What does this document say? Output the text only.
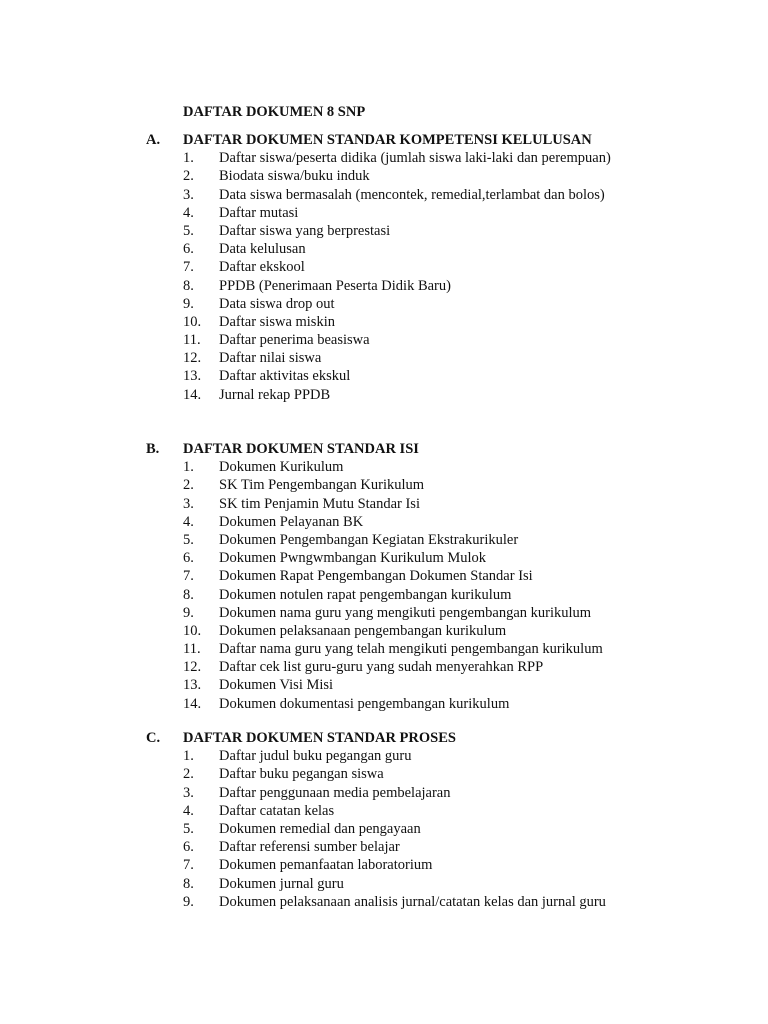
DAFTAR DOKUMEN 8 SNP
A. DAFTAR DOKUMEN STANDAR KOMPETENSI KELULUSAN
1. Daftar siswa/peserta didika (jumlah siswa laki-laki dan perempuan)
2. Biodata siswa/buku induk
3. Data siswa bermasalah (mencontek, remedial,terlambat dan bolos)
4. Daftar mutasi
5. Daftar siswa yang berprestasi
6. Data kelulusan
7. Daftar ekskool
8. PPDB (Penerimaan Peserta Didik Baru)
9. Data siswa drop out
10. Daftar siswa miskin
11. Daftar penerima beasiswa
12. Daftar nilai siswa
13. Daftar aktivitas ekskul
14. Jurnal rekap PPDB
B. DAFTAR DOKUMEN STANDAR ISI
1. Dokumen Kurikulum
2. SK Tim Pengembangan Kurikulum
3. SK tim Penjamin Mutu Standar Isi
4. Dokumen Pelayanan BK
5. Dokumen Pengembangan Kegiatan Ekstrakurikuler
6. Dokumen Pwngwmbangan Kurikulum Mulok
7. Dokumen Rapat Pengembangan Dokumen Standar Isi
8. Dokumen notulen rapat pengembangan kurikulum
9. Dokumen nama guru yang mengikuti pengembangan kurikulum
10. Dokumen pelaksanaan pengembangan kurikulum
11. Daftar nama guru yang telah mengikuti pengembangan kurikulum
12. Daftar cek list guru-guru yang sudah menyerahkan RPP
13. Dokumen Visi Misi
14. Dokumen dokumentasi pengembangan kurikulum
C. DAFTAR DOKUMEN STANDAR PROSES
1. Daftar judul buku pegangan guru
2. Daftar buku pegangan siswa
3. Daftar penggunaan media pembelajaran
4. Daftar catatan kelas
5. Dokumen remedial dan pengayaan
6. Daftar referensi sumber belajar
7. Dokumen pemanfaatan laboratorium
8. Dokumen jurnal guru
9. Dokumen pelaksanaan analisis jurnal/catatan kelas dan jurnal guru
